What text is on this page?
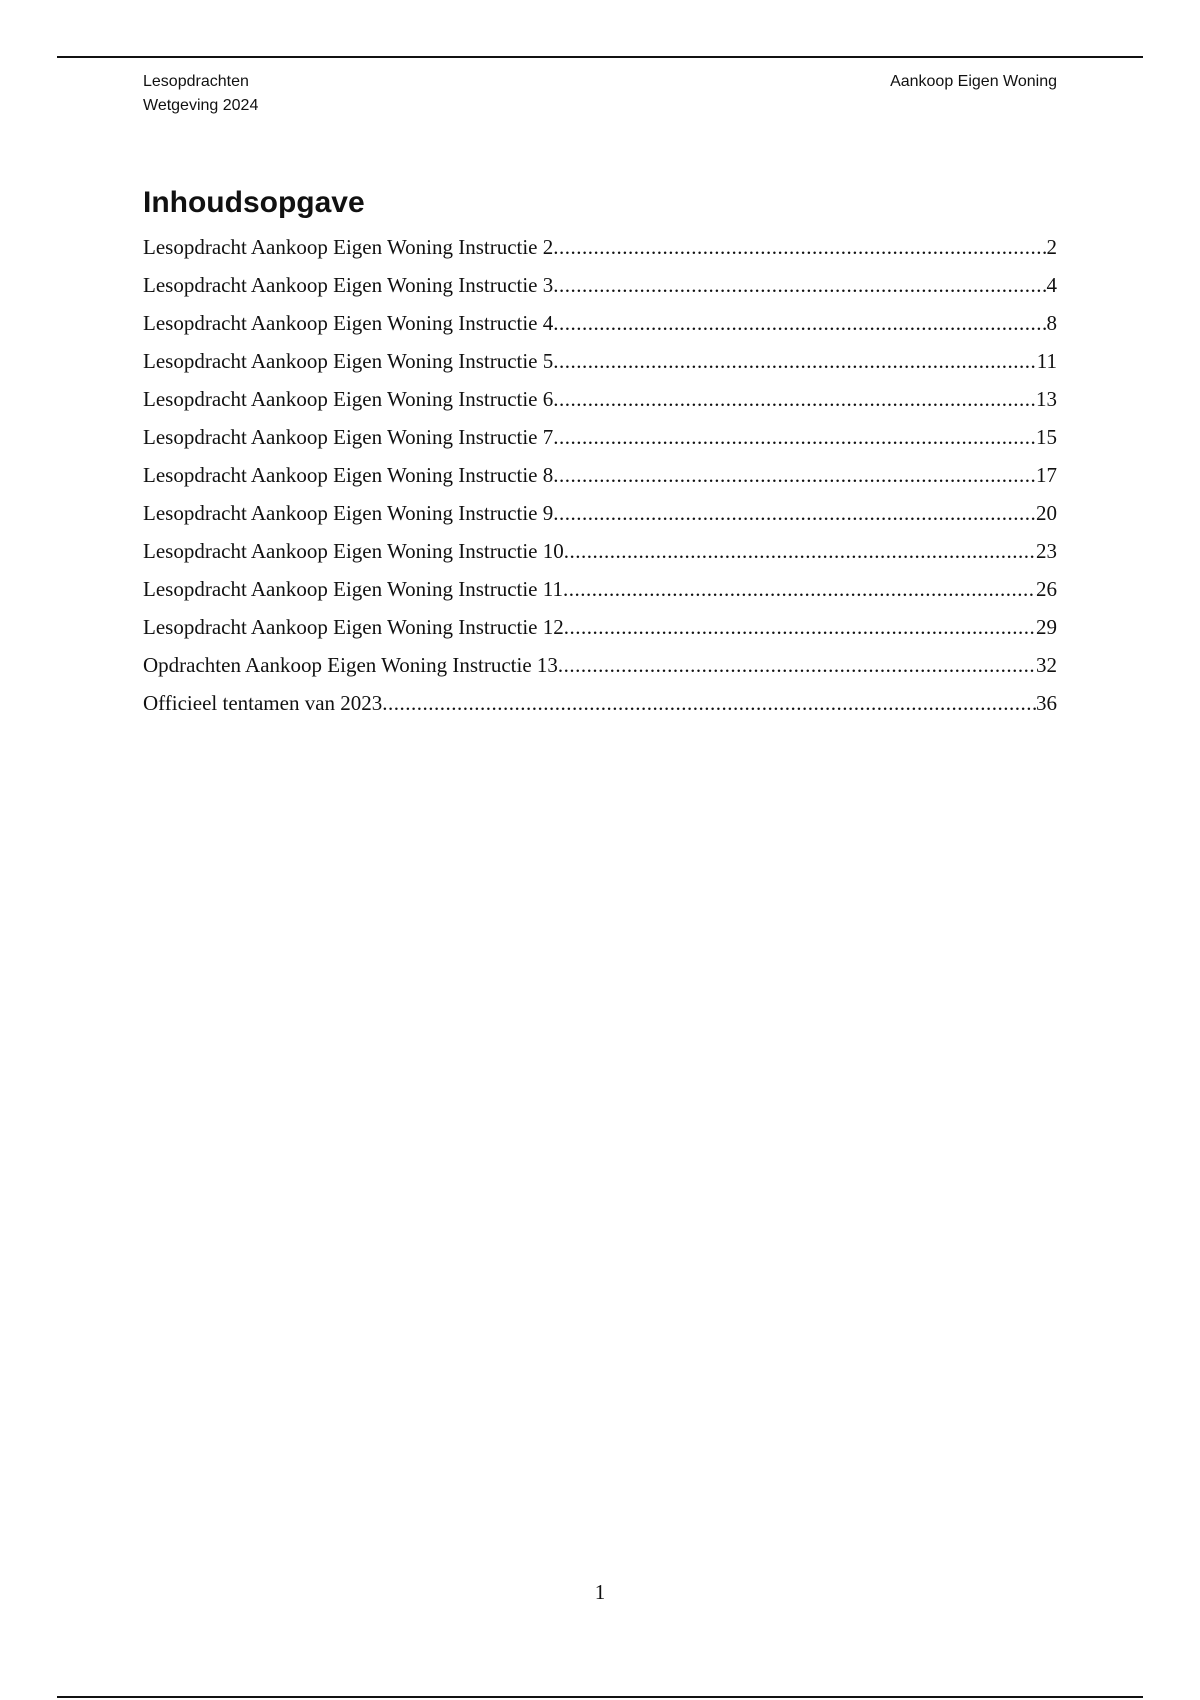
Lesopdrachten
Wetgeving 2024
Aankoop Eigen Woning
Inhoudsopgave
Lesopdracht Aankoop Eigen Woning Instructie 2 .....	2
Lesopdracht Aankoop Eigen Woning Instructie 3 .....	4
Lesopdracht Aankoop Eigen Woning Instructie 4 .....	8
Lesopdracht Aankoop Eigen Woning Instructie 5 .....	11
Lesopdracht Aankoop Eigen Woning Instructie 6 .....	13
Lesopdracht Aankoop Eigen Woning Instructie 7 .....	15
Lesopdracht Aankoop Eigen Woning Instructie 8 .....	17
Lesopdracht Aankoop Eigen Woning Instructie 9 .....	20
Lesopdracht Aankoop Eigen Woning Instructie 10 .....	23
Lesopdracht Aankoop Eigen Woning Instructie 11 .....	26
Lesopdracht Aankoop Eigen Woning Instructie 12 .....	29
Opdrachten Aankoop Eigen Woning Instructie 13 .....	32
Officieel tentamen van 2023 .....	36
1
